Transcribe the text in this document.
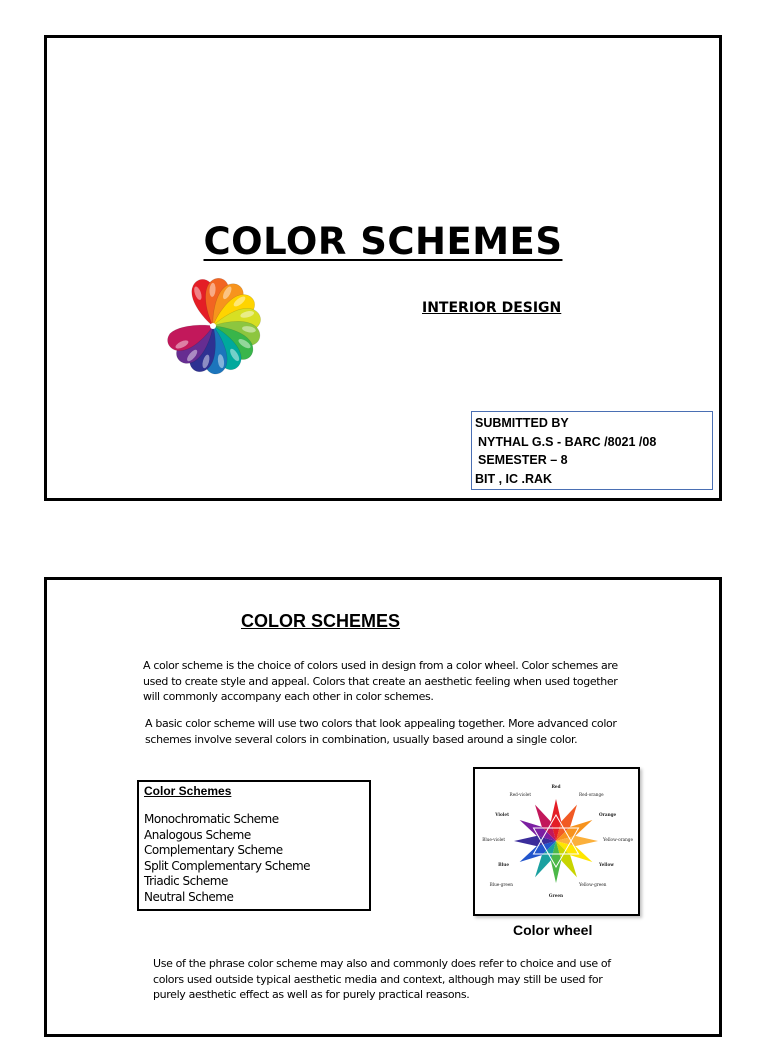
COLOR SCHEMES
INTERIOR DESIGN
SUBMITTED BY
NYTHAL G.S - BARC /8021 /08
SEMESTER – 8
BIT , IC .RAK
COLOR SCHEMES

A color scheme is the choice of colors used in design from a color wheel. Color schemes are used to create style and appeal. Colors that create an aesthetic feeling when used together will commonly accompany each other in color schemes.

A basic color scheme will use two colors that look appealing together. More advanced color schemes involve several colors in combination, usually based around a single color.

Color Schemes
Monochromatic Scheme
Analogous Scheme
Complementary Scheme
Split Complementary Scheme
Triadic Scheme
Neutral Scheme
Red
Red-orange
Orange
Yellow-orange
Yellow
Yellow-green
Green
Blue-green
Blue
Blue-violet
Violet
Red-violet
Color wheel

Use of the phrase color scheme may also and commonly does refer to choice and use of colors used outside typical aesthetic media and context, although may still be used for purely aesthetic effect as well as for purely practical reasons.
